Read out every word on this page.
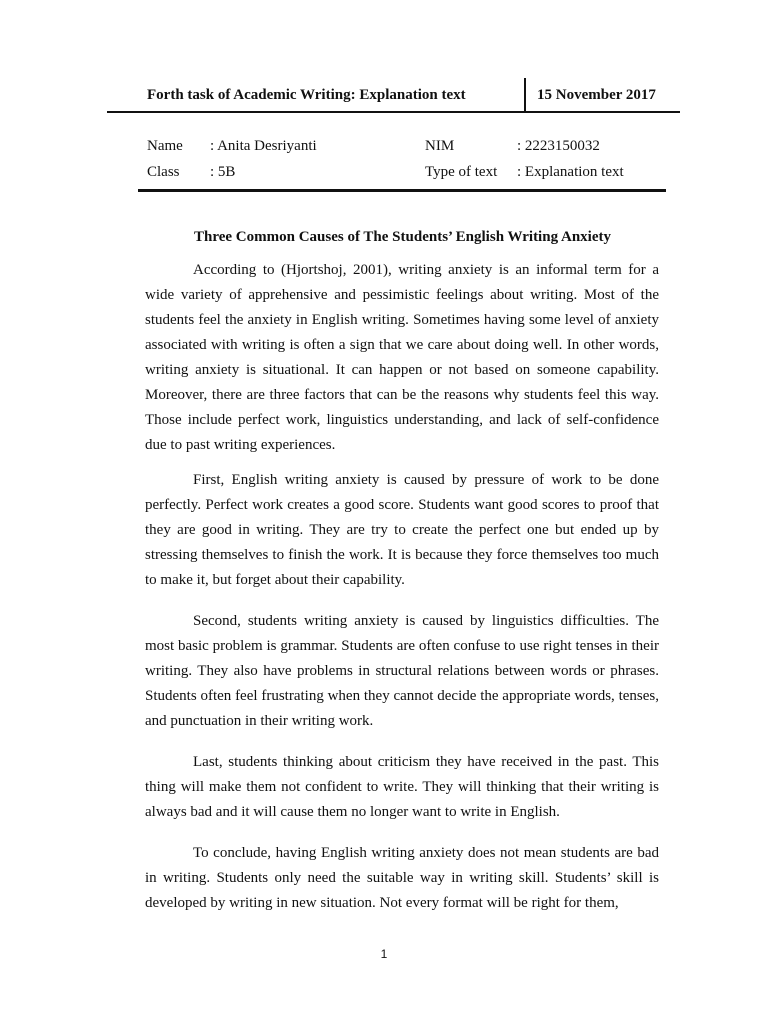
Forth task of Academic Writing: Explanation text	15 November 2017
Name : Anita Desriyanti	NIM	: 2223150032
Class : 5B	Type of text : Explanation text
Three Common Causes of The Students’ English Writing Anxiety

According to (Hjortshoj, 2001), writing anxiety is an informal term for a wide variety of apprehensive and pessimistic feelings about writing. Most of the students feel the anxiety in English writing. Sometimes having some level of anxiety associated with writing is often a sign that we care about doing well. In other words, writing anxiety is situational. It can happen or not based on someone capability. Moreover, there are three factors that can be the reasons why students feel this way. Those include perfect work, linguistics understanding, and lack of self-confidence due to past writing experiences.

First, English writing anxiety is caused by pressure of work to be done perfectly. Perfect work creates a good score. Students want good scores to proof that they are good in writing. They are try to create the perfect one but ended up by stressing themselves to finish the work. It is because they force themselves too much to make it, but forget about their capability.

Second, students writing anxiety is caused by linguistics difficulties. The most basic problem is grammar. Students are often confuse to use right tenses in their writing. They also have problems in structural relations between words or phrases. Students often feel frustrating when they cannot decide the appropriate words, tenses, and punctuation in their writing work.

Last, students thinking about criticism they have received in the past. This thing will make them not confident to write. They will thinking that their writing is always bad and it will cause them no longer want to write in English.

To conclude, having English writing anxiety does not mean students are bad in writing. Students only need the suitable way in writing skill. Students’ skill is developed by writing in new situation. Not every format will be right for them,

1
